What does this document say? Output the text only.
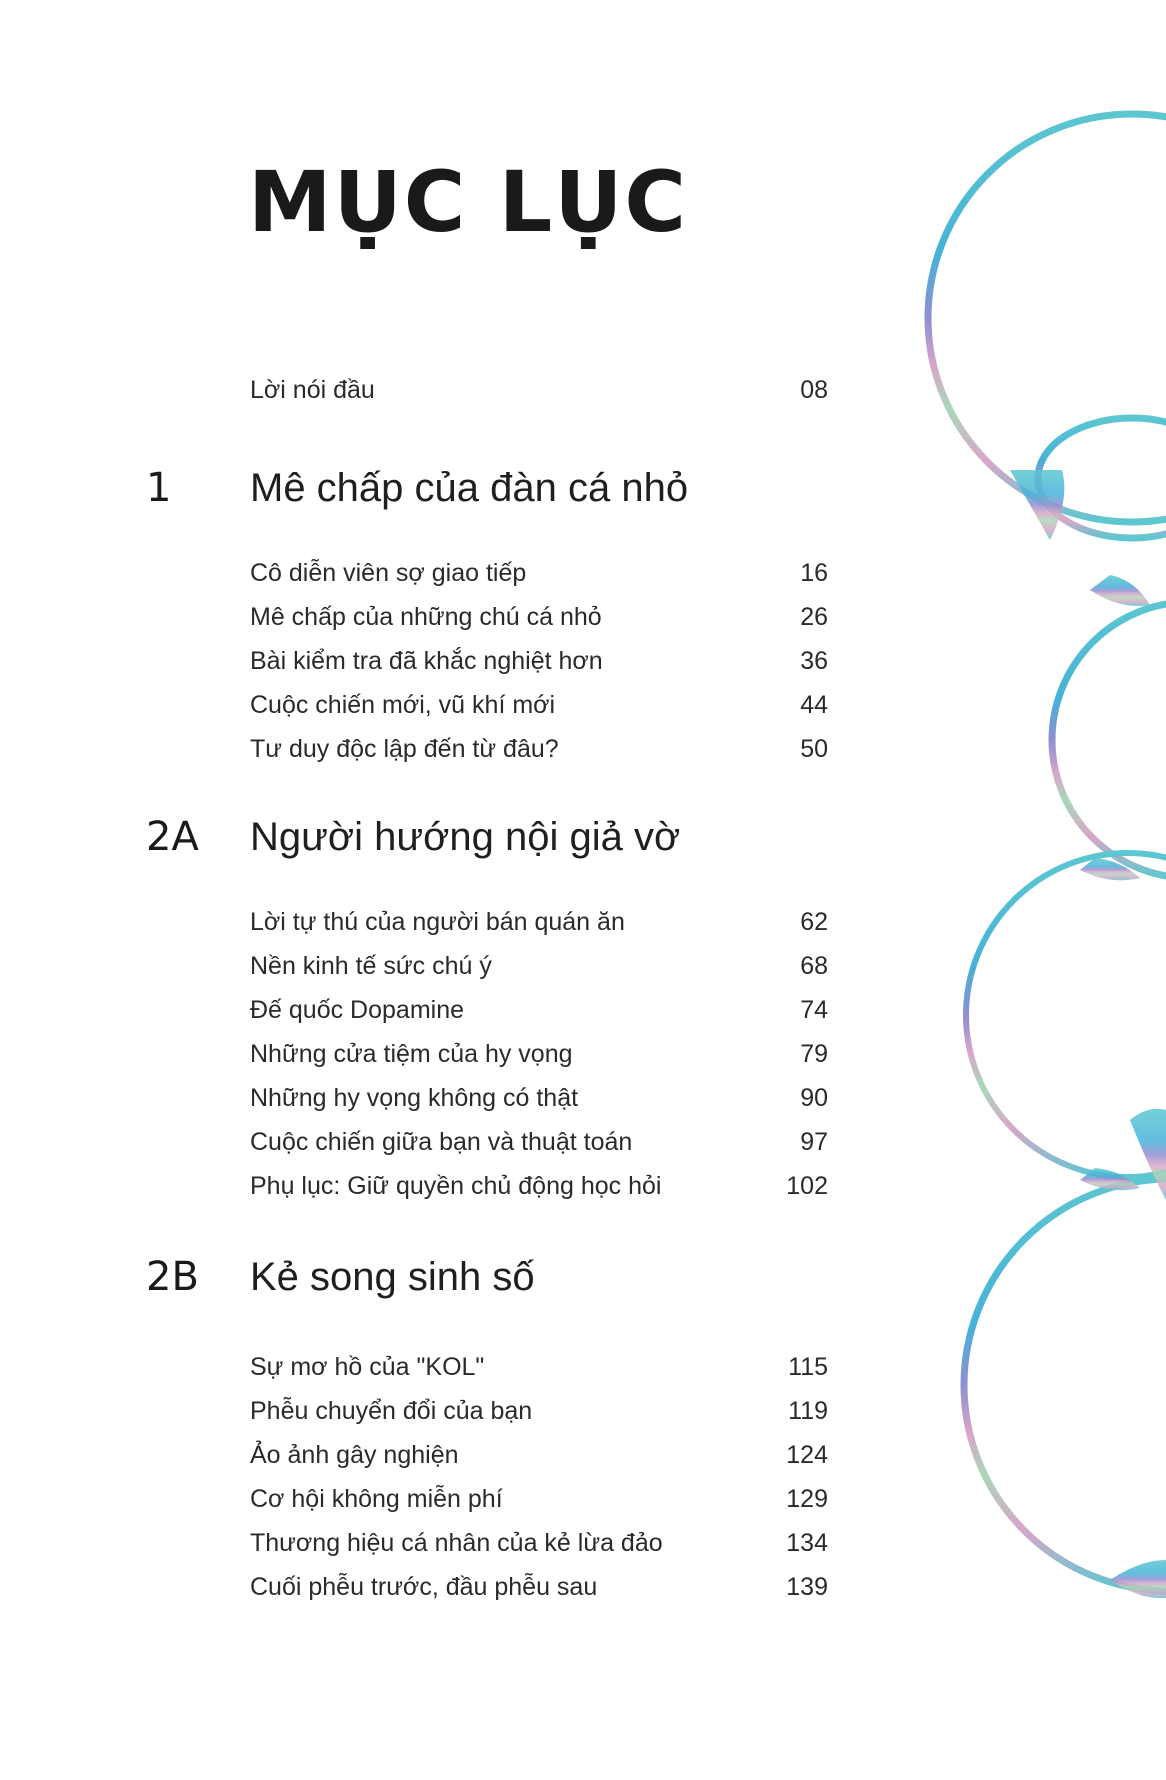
MỤC LỤC
Lời nói đầu	08
1 Mê chấp của đàn cá nhỏ
Cô diễn viên sợ giao tiếp	16
Mê chấp của những chú cá nhỏ	26
Bài kiểm tra đã khắc nghiệt hơn	36
Cuộc chiến mới, vũ khí mới	44
Tư duy độc lập đến từ đâu?	50
2A Người hướng nội giả vờ
Lời tự thú của người bán quán ăn	62
Nền kinh tế sức chú ý	68
Đế quốc Dopamine	74
Những cửa tiệm của hy vọng	79
Những hy vọng không có thật	90
Cuộc chiến giữa bạn và thuật toán	97
Phụ lục: Giữ quyền chủ động học hỏi	102
2B Kẻ song sinh số
Sự mơ hồ của "KOL"	115
Phễu chuyển đổi của bạn	119
Ảo ảnh gây nghiện	124
Cơ hội không miễn phí	129
Thương hiệu cá nhân của kẻ lừa đảo	134
Cuối phễu trước, đầu phễu sau	139
